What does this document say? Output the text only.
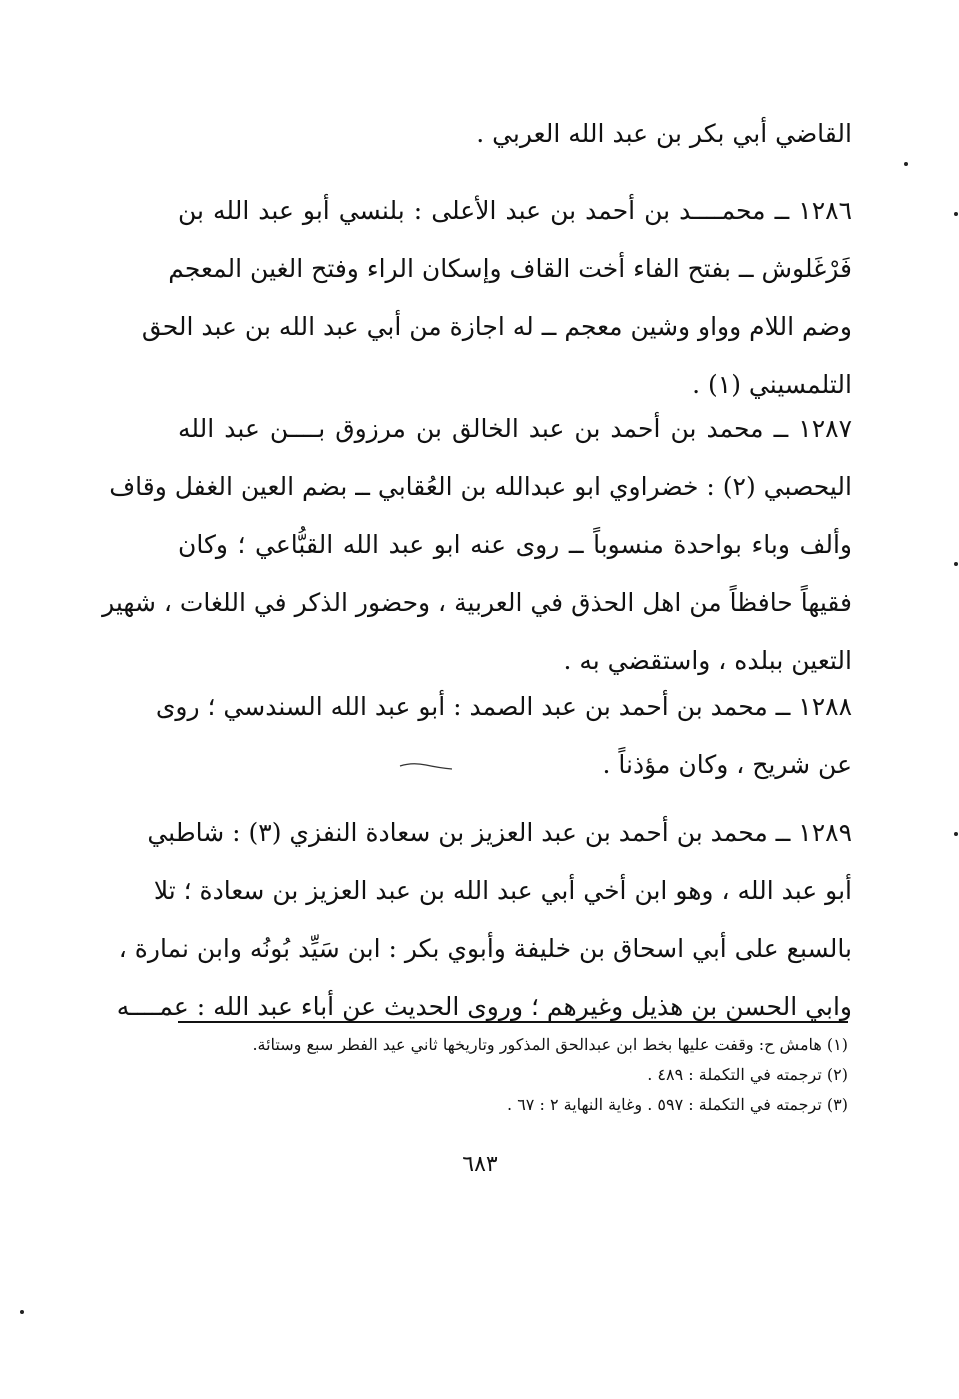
القاضي أبي بكر بن عبد الله العربي .
١٢٨٦ ــ محمــــد بن أحمد بن عبد الأعلى : بلنسي أبو عبد الله بن
فَرْغَلوش ــ بفتح الفاء أخت القاف وإسكان الراء وفتح الغين المعجم
وضم اللام وواو وشين معجم ــ له اجازة من أبي عبد الله بن عبد الحق
التلمسيني (١) .
١٢٨٧ ــ محمد بن أحمد بن عبد الخالق بن مرزوق بــــن عبد الله
اليحصبي (٢) : خضراوي ابو عبدالله بن العُقابي ــ بضم العين الغفل وقاف
وألف وباء بواحدة منسوباً ــ روى عنه ابو عبد الله القبُّاعي ؛ وكان
فقيهاً حافظاً من اهل الحذق في العربية ، وحضور الذكر في اللغات ، شهير
التعين ببلده ، واستقضي به .
١٢٨٨ ــ محمد بن أحمد بن عبد الصمد : أبو عبد الله السندسي ؛ روى
عن شريح ، وكان مؤذناً .
١٢٨٩ ــ محمد بن أحمد بن عبد العزيز بن سعادة النفزي (٣) : شاطبي
أبو عبد الله ، وهو ابن أخي أبي عبد الله بن عبد العزيز بن سعادة ؛ تلا
بالسبع على أبي اسحاق بن خليفة وأبوي بكر : ابن سَيِّد بُونُه وابن نمارة ،
وابي الحسن بن هذيل وغيرهم ؛ وروى الحديث عن أباء عبد الله : عمــــه
(١) هامش ح: وقفت عليها بخط ابن عبدالحق المذكور وتاريخها ثاني عيد الفطر سبع وستائة.
(٢) ترجمته في التكملة : ٤٨٩ .
(٣) ترجمته في التكملة : ٥٩٧ . وغاية النهاية ٢ : ٦٧ .
٦٨٣
